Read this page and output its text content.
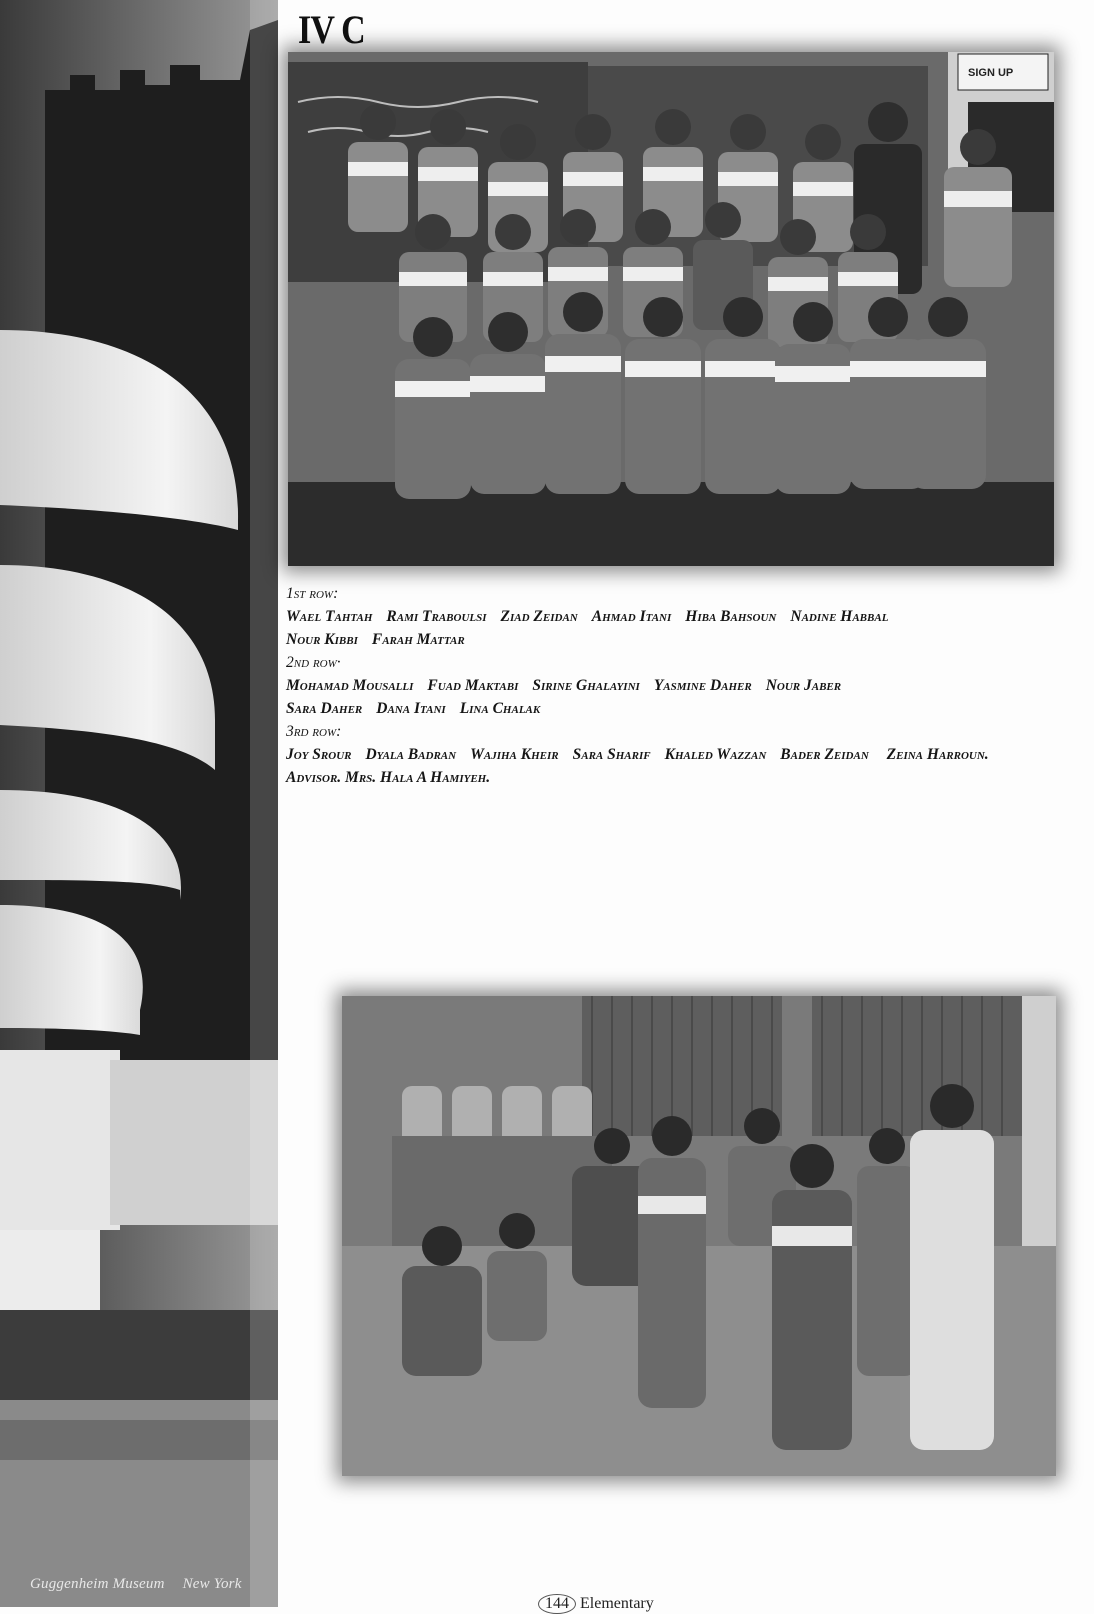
Guggenheim Museum New York
IV C
SIGN UP
1st row:
Wael Tahtah Rami Traboulsi Ziad Zeidan Ahmad Itani Hiba Bahsoun Nadine Habbal Nour Kibbi Farah Mattar
2nd row·
Mohamad Mousalli Fuad Maktabi Sirine Ghalayini Yasmine Daher Nour Jaber Sara Daher Dana Itani Lina Chalak
3rd row:
Joy Srour Dyala Badran Wajiha Kheir Sara Sharif Khaled Wazzan Bader Zeidan Zeina Harroun.
Advisor. Mrs. Hala A Hamiyeh.
144 Elementary
